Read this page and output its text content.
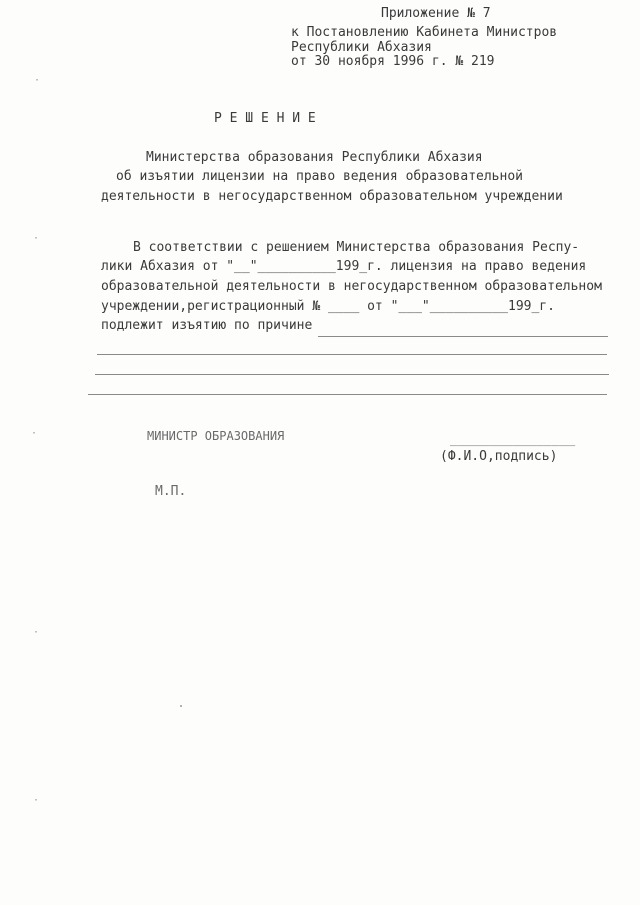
Приложение № 7
к Постановлению Кабинета Министров
Республики Абхазия
от 30 ноября 1996 г. № 219
Р Е Ш Е Н И Е
Министерства образования Республики Абхазия
об изъятии лицензии на право ведения образовательной
деятельности в негосударственном образовательном учреждении
В соответствии с решением Министерства образования Респу-
лики Абхазия от "__"__________199_г. лицензия на право ведения
образовательной деятельности в негосударственном образовательном
учреждении,регистрационный № ____ от "___"__________199_г.
подлежит изъятию по причине
МИНИСТР ОБРАЗОВАНИЯ	________________
(Ф.И.О,подпись)
М.П.
·
·
·
·
·
